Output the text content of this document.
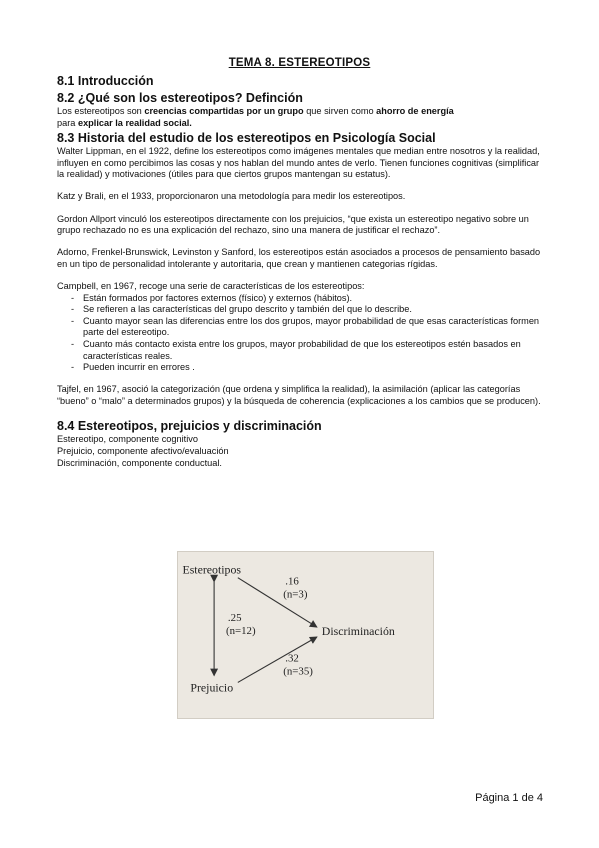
TEMA 8. ESTEREOTIPOS
8.1 Introducción
8.2 ¿Qué son los estereotipos? Definción

Los estereotipos son creencias compartidas por un grupo que sirven como ahorro de energía
para explicar la realidad social.

8.3 Historia del estudio de los estereotipos en Psicología Social

Walter Lippman, en el 1922, define los estereotipos como imágenes mentales que median entre nosotros y la realidad, influyen en como percibimos las cosas y nos hablan del mundo antes de verlo. Tienen funciones cognitivas (simplificar la realidad) y motivaciones (útiles para que ciertos grupos mantengan su estatus).

Katz y Brali, en el 1933, proporcionaron una metodología para medir los estereotipos.

Gordon Allport vinculó los estereotipos directamente con los prejuicios, “que exista un estereotipo negativo sobre un grupo rechazado no es una explicación del rechazo, sino una manera de justificar el rechazo”.

Adorno, Frenkel-Brunswick, Levinston y Sanford, los estereotipos están asociados a procesos de pensamiento basado en un tipo de personalidad intolerante y autoritaria, que crean y mantienen categorias rígidas.

Campbell, en 1967, recoge una serie de características de los estereotipos:

- Están formados por factores externos (físico) y externos (hábitos).
- Se refieren a las características del grupo descrito y también del que lo describe.
- Cuanto mayor sean las diferencias entre los dos grupos, mayor probabilidad de que esas características formen parte del estereotipo.
- Cuanto más contacto exista entre los grupos, mayor probabilidad de que los estereotipos estén basados en características reales.
- Pueden incurrir en errores .

Tajfel, en 1967, asoció la categorización (que ordena y simplifica la realidad), la asimilación (aplicar las categorías “bueno” o “malo” a determinados grupos) y la búsqueda de coherencia (explicaciones a los cambios que se producen).

8.4 Estereotipos, prejuicios y discriminación

Estereotipo, componente cognitivo

Prejuicio, componente afectivo/evaluación

Discriminación, componente conductual.

Estereotipos
Prejuicio
Discriminación
.16
(n=3)
.25
(n=12)
.32
(n=35)
Página 1 de 4
